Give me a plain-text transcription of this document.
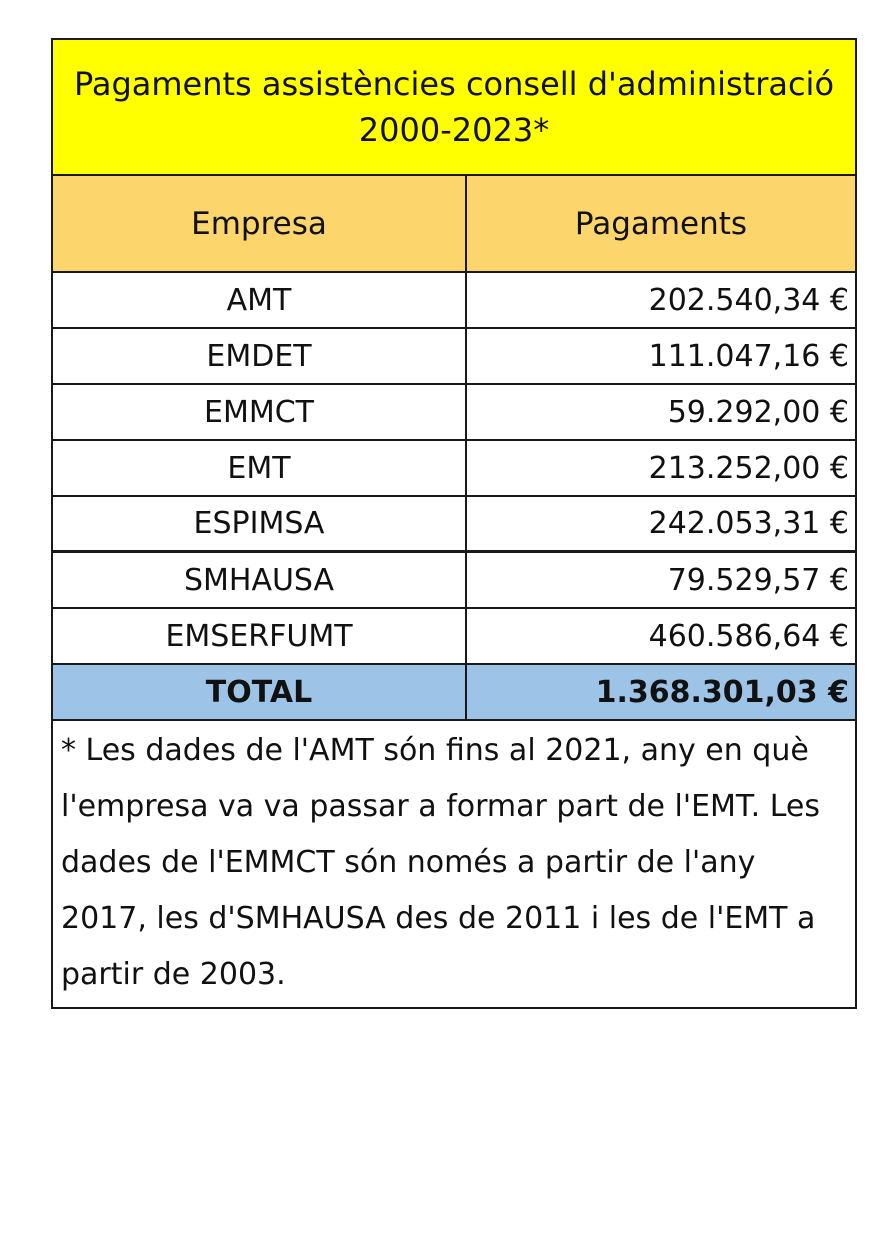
Pagaments assistències consell d'administració 2000-2023*
Empresa	Pagaments
AMT	202.540,34 €
EMDET	111.047,16 €
EMMCT	59.292,00 €
EMT	213.252,00 €
ESPIMSA	242.053,31 €
SMHAUSA	79.529,57 €
EMSERFUMT	460.586,64 €
TOTAL	1.368.301,03 €
* Les dades de l'AMT són fins al 2021, any en què l'empresa va va passar a formar part de l'EMT. Les dades de l'EMMCT són només a partir de l'any 2017, les d'SMHAUSA des de 2011 i les de l'EMT a partir de 2003.
